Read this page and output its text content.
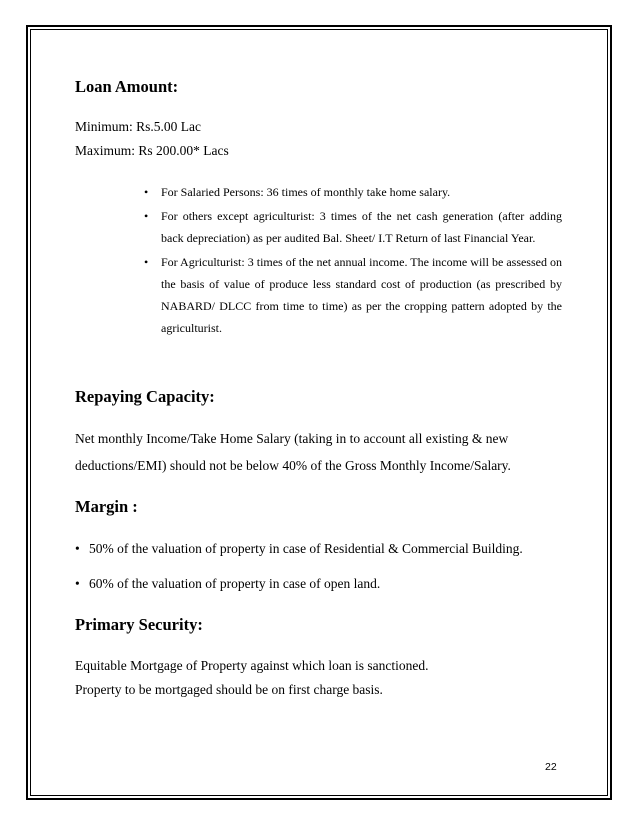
Loan Amount:
Minimum: Rs.5.00 Lac
Maximum: Rs 200.00* Lacs
• For Salaried Persons: 36 times of monthly take home salary.
• For others except agriculturist: 3 times of the net cash generation (after adding back depreciation) as per audited Bal. Sheet/ I.T Return of last Financial Year.
• For Agriculturist: 3 times of the net annual income. The income will be assessed on the basis of value of produce less standard cost of production (as prescribed by NABARD/ DLCC from time to time) as per the cropping pattern adopted by the agriculturist.
Repaying Capacity:
Net monthly Income/Take Home Salary (taking in to account all existing & new
deductions/EMI) should not be below 40% of the Gross Monthly Income/Salary.
Margin :
• 50% of the valuation of property in case of Residential & Commercial Building.
• 60% of the valuation of property in case of open land.
Primary Security:
Equitable Mortgage of Property against which loan is sanctioned.
Property to be mortgaged should be on first charge basis.
22
